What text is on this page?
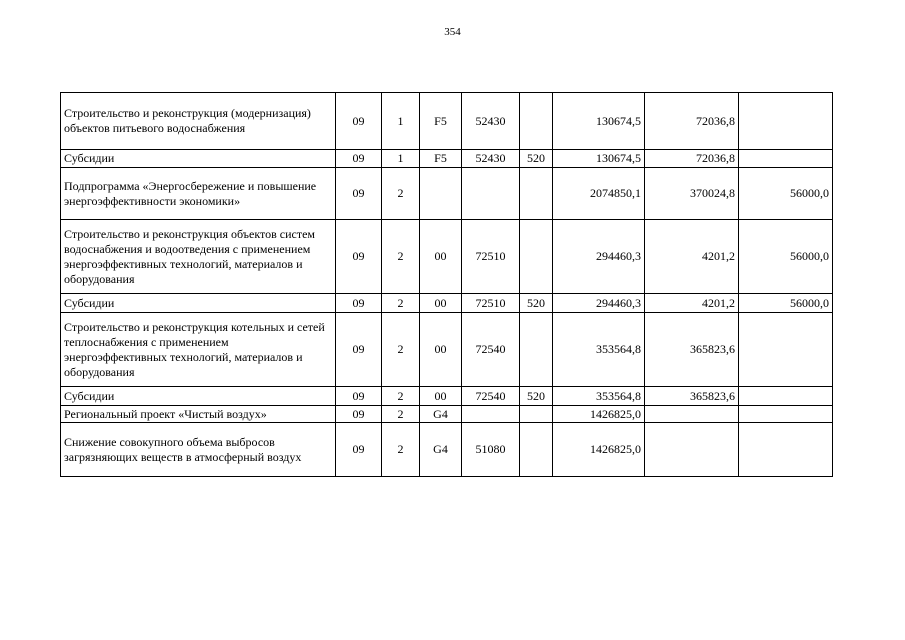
354
Строительство и реконструкция (модернизация) объектов питьевого водоснабжения	09	1	F5	52430		130674,5	72036,8	
Субсидии	09	1	F5	52430	520	130674,5	72036,8	
Подпрограмма «Энергосбережение и повышение энергоэффективности экономики»	09	2				2074850,1	370024,8	56000,0
Строительство и реконструкция объектов систем водоснабжения и водоотведения с применением энергоэффективных технологий, материалов и оборудования	09	2	00	72510		294460,3	4201,2	56000,0
Субсидии	09	2	00	72510	520	294460,3	4201,2	56000,0
Строительство и реконструкция котельных и сетей теплоснабжения с применением энергоэффективных технологий, материалов и оборудования	09	2	00	72540		353564,8	365823,6	
Субсидии	09	2	00	72540	520	353564,8	365823,6	
Региональный проект «Чистый воздух»	09	2	G4			1426825,0		
Снижение совокупного объема выбросов загрязняющих веществ в атмосферный воздух	09	2	G4	51080		1426825,0		
